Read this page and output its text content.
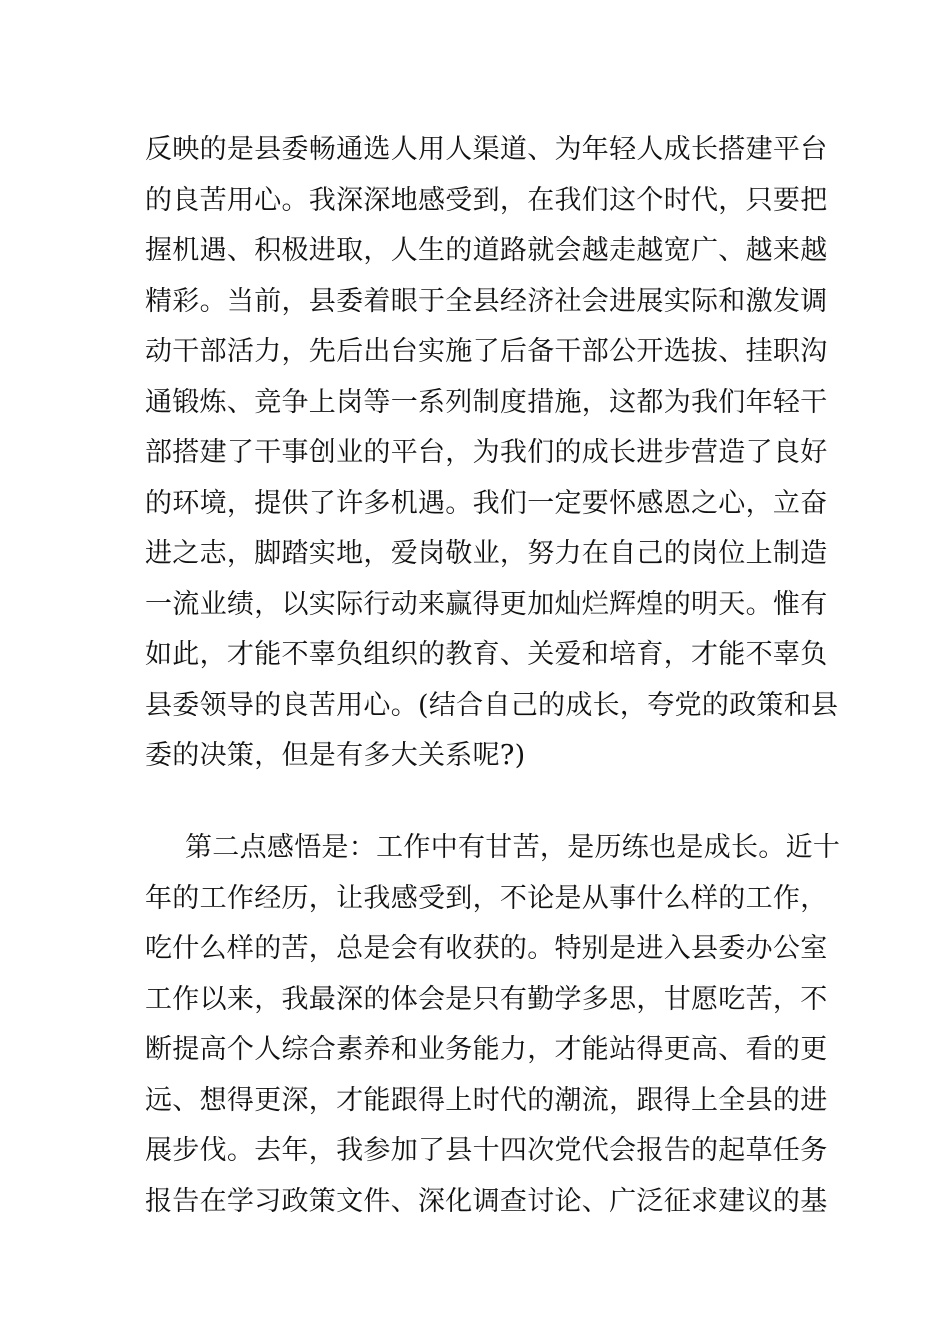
反映的是县委畅通选人用人渠道、为年轻人成长搭建平台
的良苦用心。我深深地感受到，在我们这个时代，只要把
握机遇、积极进取，人生的道路就会越走越宽广、越来越
精彩。当前，县委着眼于全县经济社会进展实际和激发调
动干部活力，先后出台实施了后备干部公开选拔、挂职沟
通锻炼、竞争上岗等一系列制度措施，这都为我们年轻干
部搭建了干事创业的平台，为我们的成长进步营造了良好
的环境，提供了许多机遇。我们一定要怀感恩之心，立奋
进之志，脚踏实地，爱岗敬业，努力在自己的岗位上制造
一流业绩，以实际行动来赢得更加灿烂辉煌的明天。惟有
如此，才能不辜负组织的教育、关爱和培育，才能不辜负
县委领导的良苦用心。(结合自己的成长，夸党的政策和县
委的决策，但是有多大关系呢?)
第二点感悟是：工作中有甘苦，是历练也是成长。近十
年的工作经历，让我感受到，不论是从事什么样的工作，
吃什么样的苦，总是会有收获的。特别是进入县委办公室
工作以来，我最深的体会是只有勤学多思，甘愿吃苦，不
断提高个人综合素养和业务能力，才能站得更高、看的更
远、想得更深，才能跟得上时代的潮流，跟得上全县的进
展步伐。去年，我参加了县十四次党代会报告的起草任务
报告在学习政策文件、深化调查讨论、广泛征求建议的基
